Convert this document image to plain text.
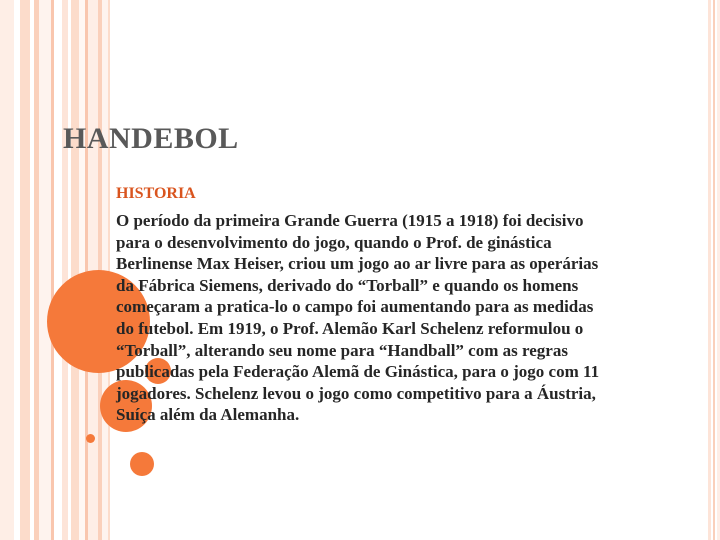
HANDEBOL
HISTORIA
O período da primeira Grande Guerra (1915 a 1918) foi decisivo para o desenvolvimento do jogo, quando o Prof. de ginástica Berlinense Max Heiser, criou um jogo ao ar livre para as operárias da Fábrica Siemens, derivado do “Torball” e quando os homens começaram a pratica-lo o campo foi aumentando para as medidas do futebol. Em 1919, o Prof. Alemão Karl Schelenz reformulou o “Torball”, alterando seu nome para “Handball” com as regras publicadas pela Federação Alemã de Ginástica, para o jogo com 11 jogadores. Schelenz levou o jogo como competitivo para a Áustria, Suíça além da Alemanha.
